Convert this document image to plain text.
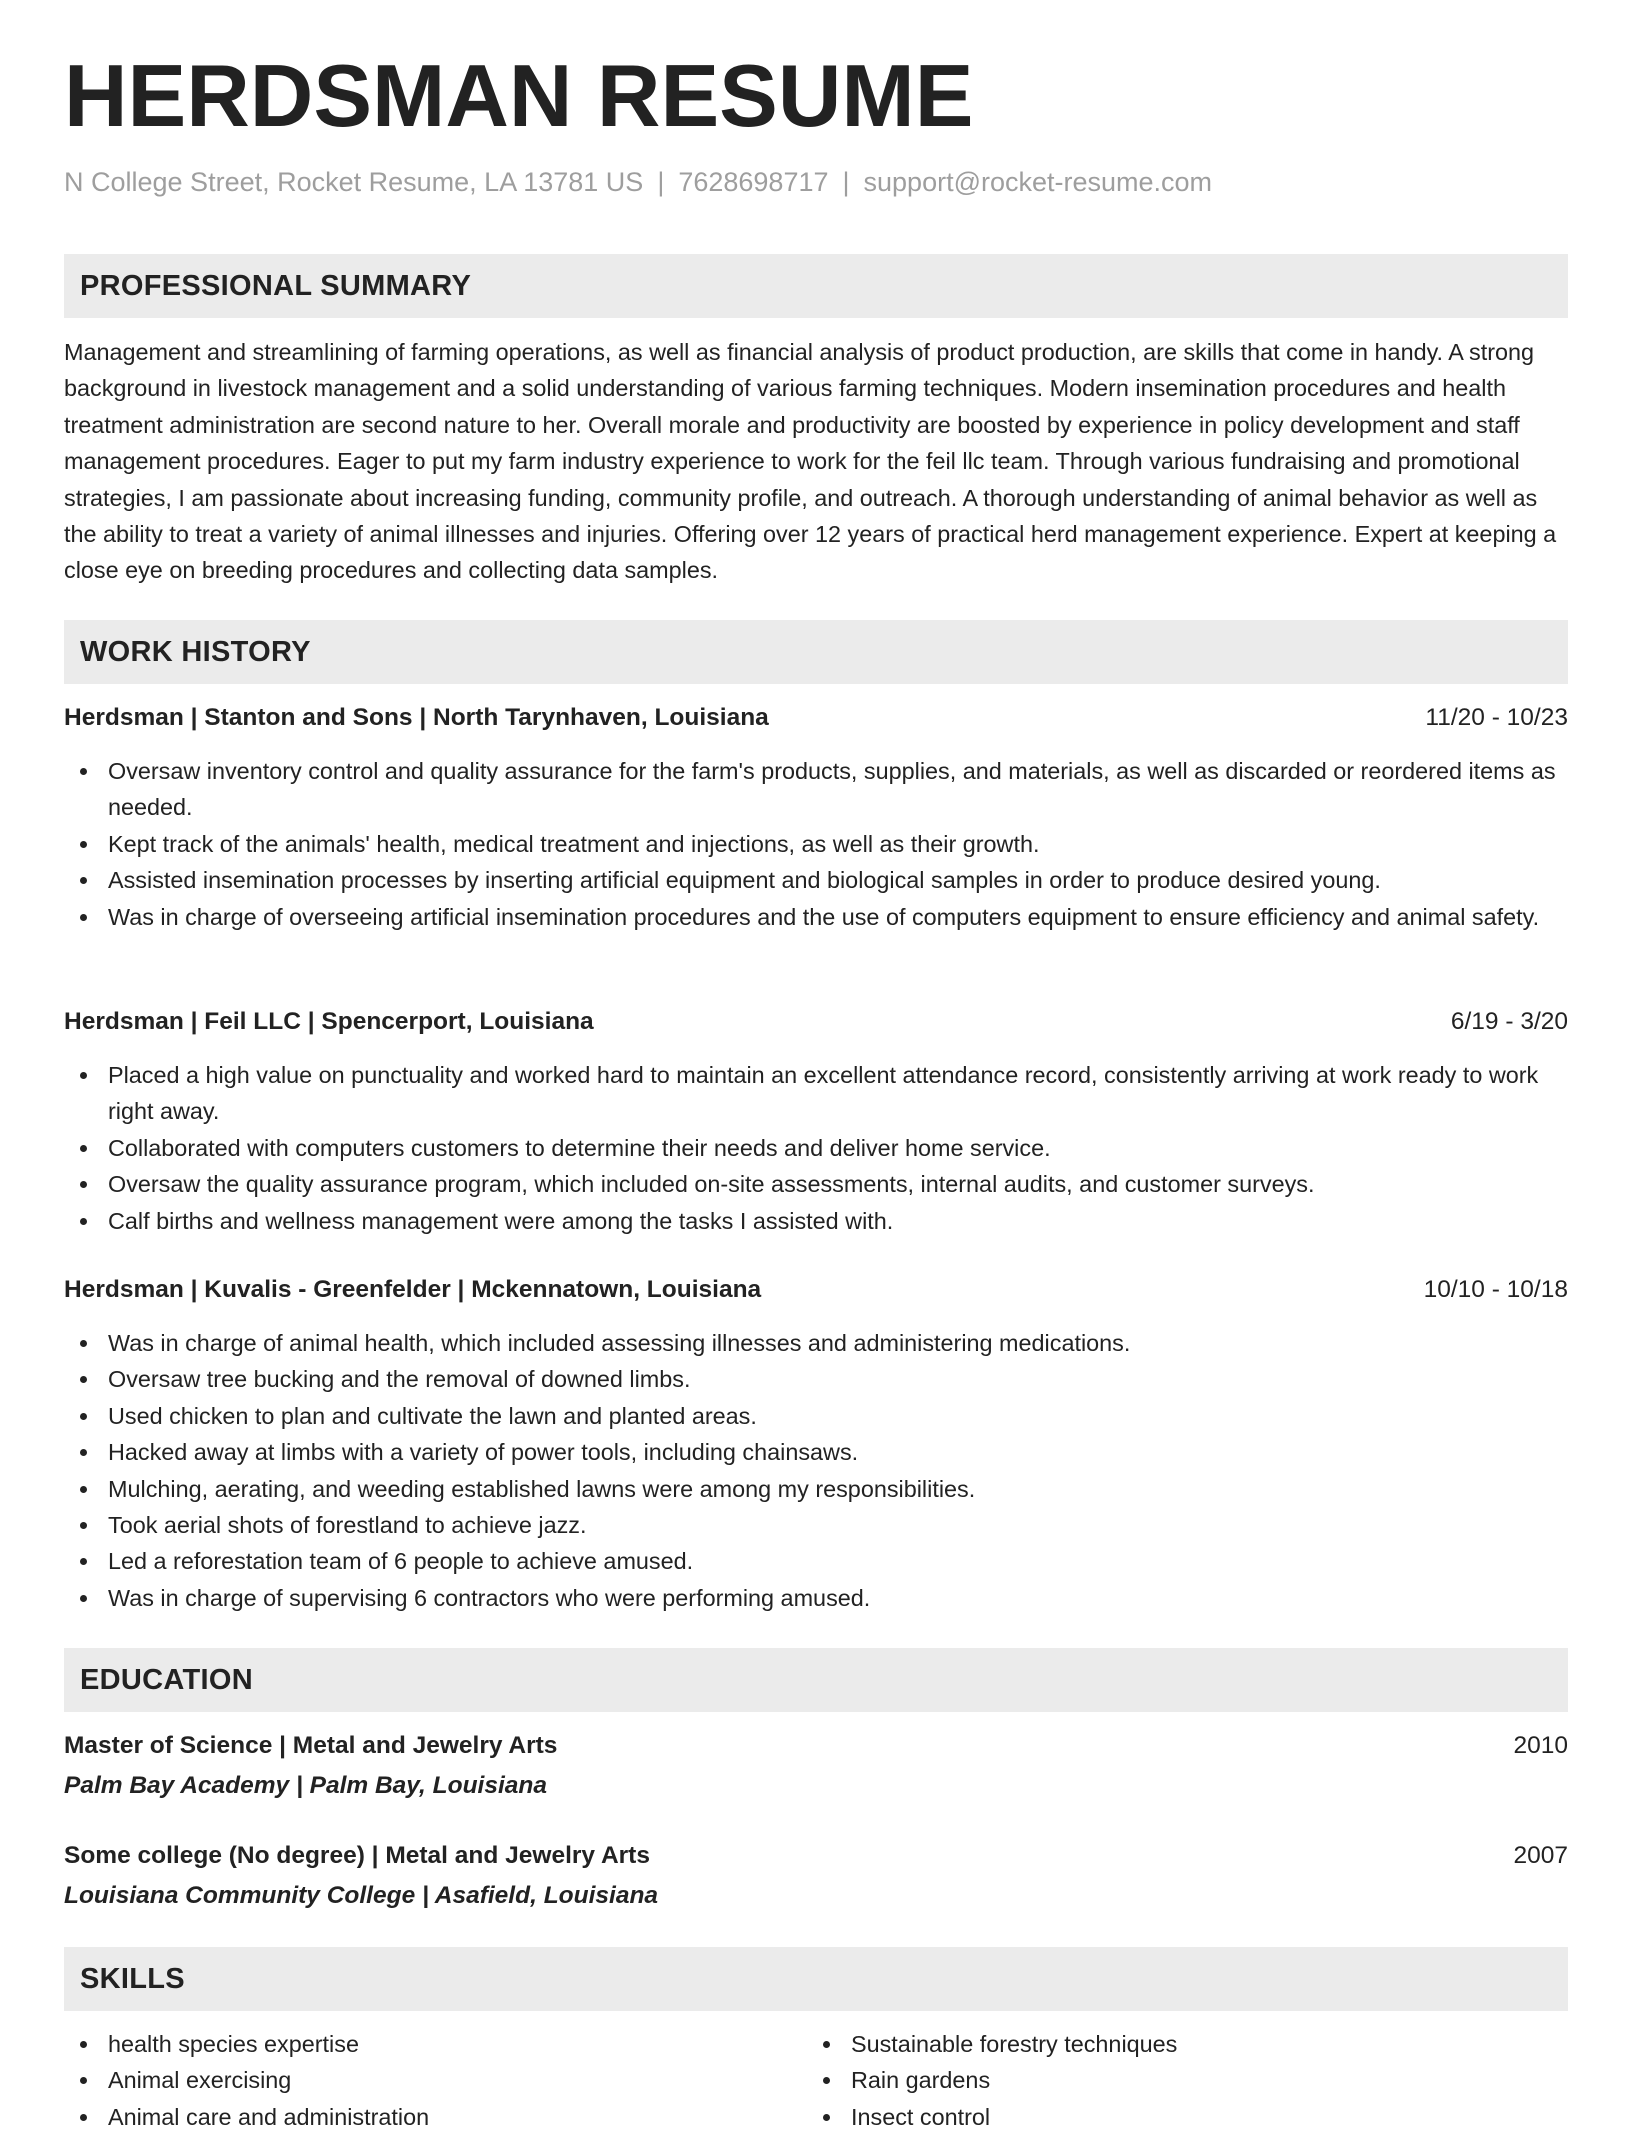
HERDSMAN RESUME
N College Street, Rocket Resume, LA 13781 US | 7628698717 | support@rocket-resume.com
PROFESSIONAL SUMMARY
Management and streamlining of farming operations, as well as financial analysis of product production, are skills that come in handy. A strong background in livestock management and a solid understanding of various farming techniques. Modern insemination procedures and health treatment administration are second nature to her. Overall morale and productivity are boosted by experience in policy development and staff management procedures. Eager to put my farm industry experience to work for the feil llc team. Through various fundraising and promotional strategies, I am passionate about increasing funding, community profile, and outreach. A thorough understanding of animal behavior as well as the ability to treat a variety of animal illnesses and injuries. Offering over 12 years of practical herd management experience. Expert at keeping a close eye on breeding procedures and collecting data samples.
WORK HISTORY
Herdsman | Stanton and Sons | North Tarynhaven, Louisiana	11/20 - 10/23
Oversaw inventory control and quality assurance for the farm's products, supplies, and materials, as well as discarded or reordered items as needed.
Kept track of the animals' health, medical treatment and injections, as well as their growth.
Assisted insemination processes by inserting artificial equipment and biological samples in order to produce desired young.
Was in charge of overseeing artificial insemination procedures and the use of computers equipment to ensure efficiency and animal safety.
Herdsman | Feil LLC | Spencerport, Louisiana	6/19 - 3/20
Placed a high value on punctuality and worked hard to maintain an excellent attendance record, consistently arriving at work ready to work right away.
Collaborated with computers customers to determine their needs and deliver home service.
Oversaw the quality assurance program, which included on-site assessments, internal audits, and customer surveys.
Calf births and wellness management were among the tasks I assisted with.
Herdsman | Kuvalis - Greenfelder | Mckennatown, Louisiana	10/10 - 10/18
Was in charge of animal health, which included assessing illnesses and administering medications.
Oversaw tree bucking and the removal of downed limbs.
Used chicken to plan and cultivate the lawn and planted areas.
Hacked away at limbs with a variety of power tools, including chainsaws.
Mulching, aerating, and weeding established lawns were among my responsibilities.
Took aerial shots of forestland to achieve jazz.
Led a reforestation team of 6 people to achieve amused.
Was in charge of supervising 6 contractors who were performing amused.
EDUCATION
Master of Science | Metal and Jewelry Arts	2010
Palm Bay Academy | Palm Bay, Louisiana
Some college (No degree) | Metal and Jewelry Arts	2007
Louisiana Community College | Asafield, Louisiana
SKILLS
health species expertise
Animal exercising
Animal care and administration
Sustainable forestry techniques
Rain gardens
Insect control
